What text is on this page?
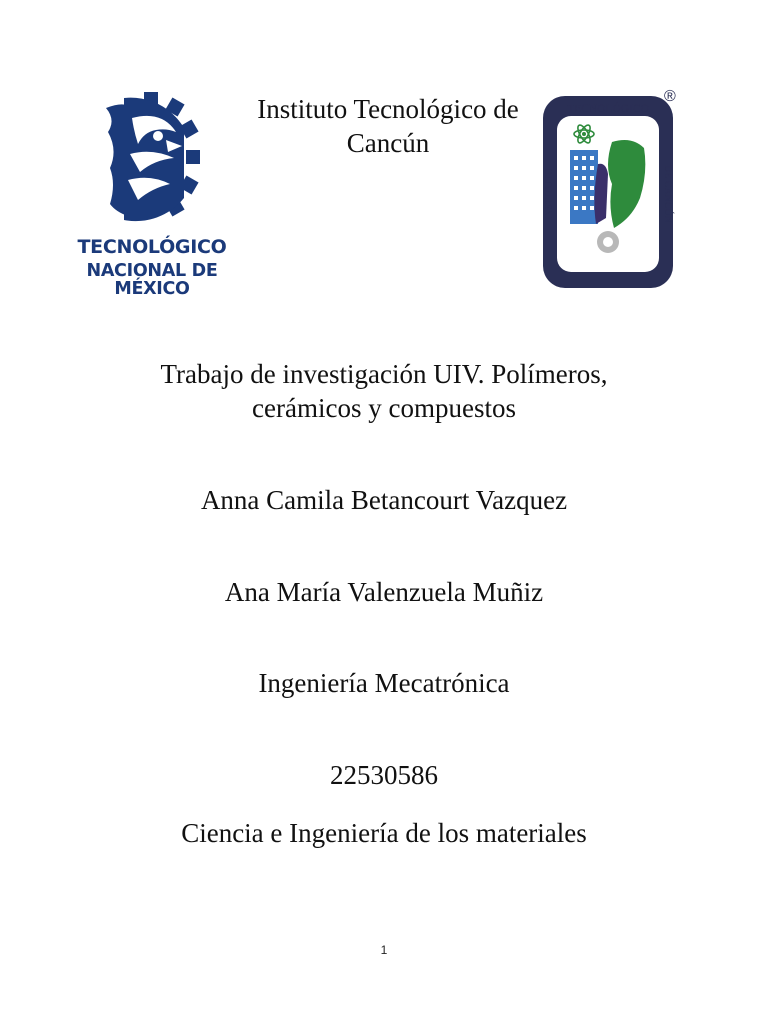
TECNOLÓGICO
NACIONAL DE MÉXICO
Instituto Tecnológico de
Cancún
TECNOLÓGICO
INSTITUTO	DE CANCÚN
®
Trabajo de investigación UIV. Polímeros,
cerámicos y compuestos
Anna Camila Betancourt Vazquez
Ana María Valenzuela Muñiz
Ingeniería Mecatrónica
22530586
Ciencia e Ingeniería de los materiales
1
